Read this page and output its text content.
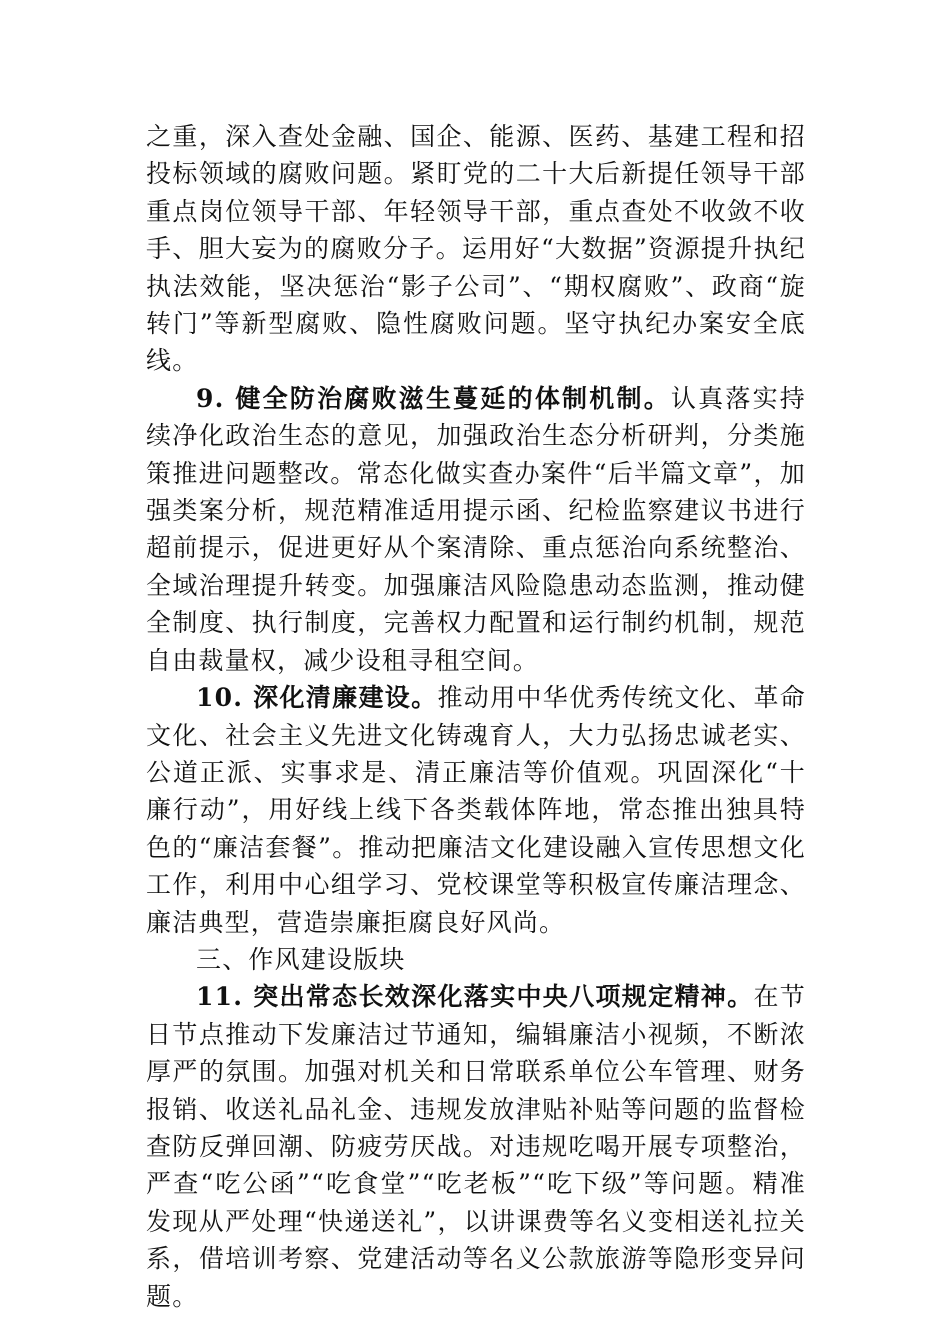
之重，深入查处金融、国企、能源、医药、基建工程和招投标领域的腐败问题。紧盯党的二十大后新提任领导干部重点岗位领导干部、年轻领导干部，重点查处不收敛不收手、胆大妄为的腐败分子。运用好“大数据”资源提升执纪执法效能，坚决惩治“影子公司”、“期权腐败”、政商“旋转门”等新型腐败、隐性腐败问题。坚守执纪办案安全底线。

9. 健全防治腐败滋生蔓延的体制机制。认真落实持续净化政治生态的意见，加强政治生态分析研判，分类施策推进问题整改。常态化做实查办案件“后半篇文章”，加强类案分析，规范精准适用提示函、纪检监察建议书进行超前提示，促进更好从个案清除、重点惩治向系统整治、全域治理提升转变。加强廉洁风险隐患动态监测，推动健全制度、执行制度，完善权力配置和运行制约机制，规范自由裁量权，减少设租寻租空间。

10. 深化清廉建设。推动用中华优秀传统文化、革命文化、社会主义先进文化铸魂育人，大力弘扬忠诚老实、公道正派、实事求是、清正廉洁等价值观。巩固深化“十廉行动”，用好线上线下各类载体阵地，常态推出独具特色的“廉洁套餐”。推动把廉洁文化建设融入宣传思想文化工作，利用中心组学习、党校课堂等积极宣传廉洁理念、廉洁典型，营造崇廉拒腐良好风尚。

三、作风建设版块

11. 突出常态长效深化落实中央八项规定精神。在节日节点推动下发廉洁过节通知，编辑廉洁小视频，不断浓厚严的氛围。加强对机关和日常联系单位公车管理、财务报销、收送礼品礼金、违规发放津贴补贴等问题的监督检查防反弹回潮、防疲劳厌战。对违规吃喝开展专项整治，严查“吃公函”“吃食堂”“吃老板”“吃下级”等问题。精准发现从严处理“快递送礼”，以讲课费等名义变相送礼拉关系，借培训考察、党建活动等名义公款旅游等隐形变异问题。
